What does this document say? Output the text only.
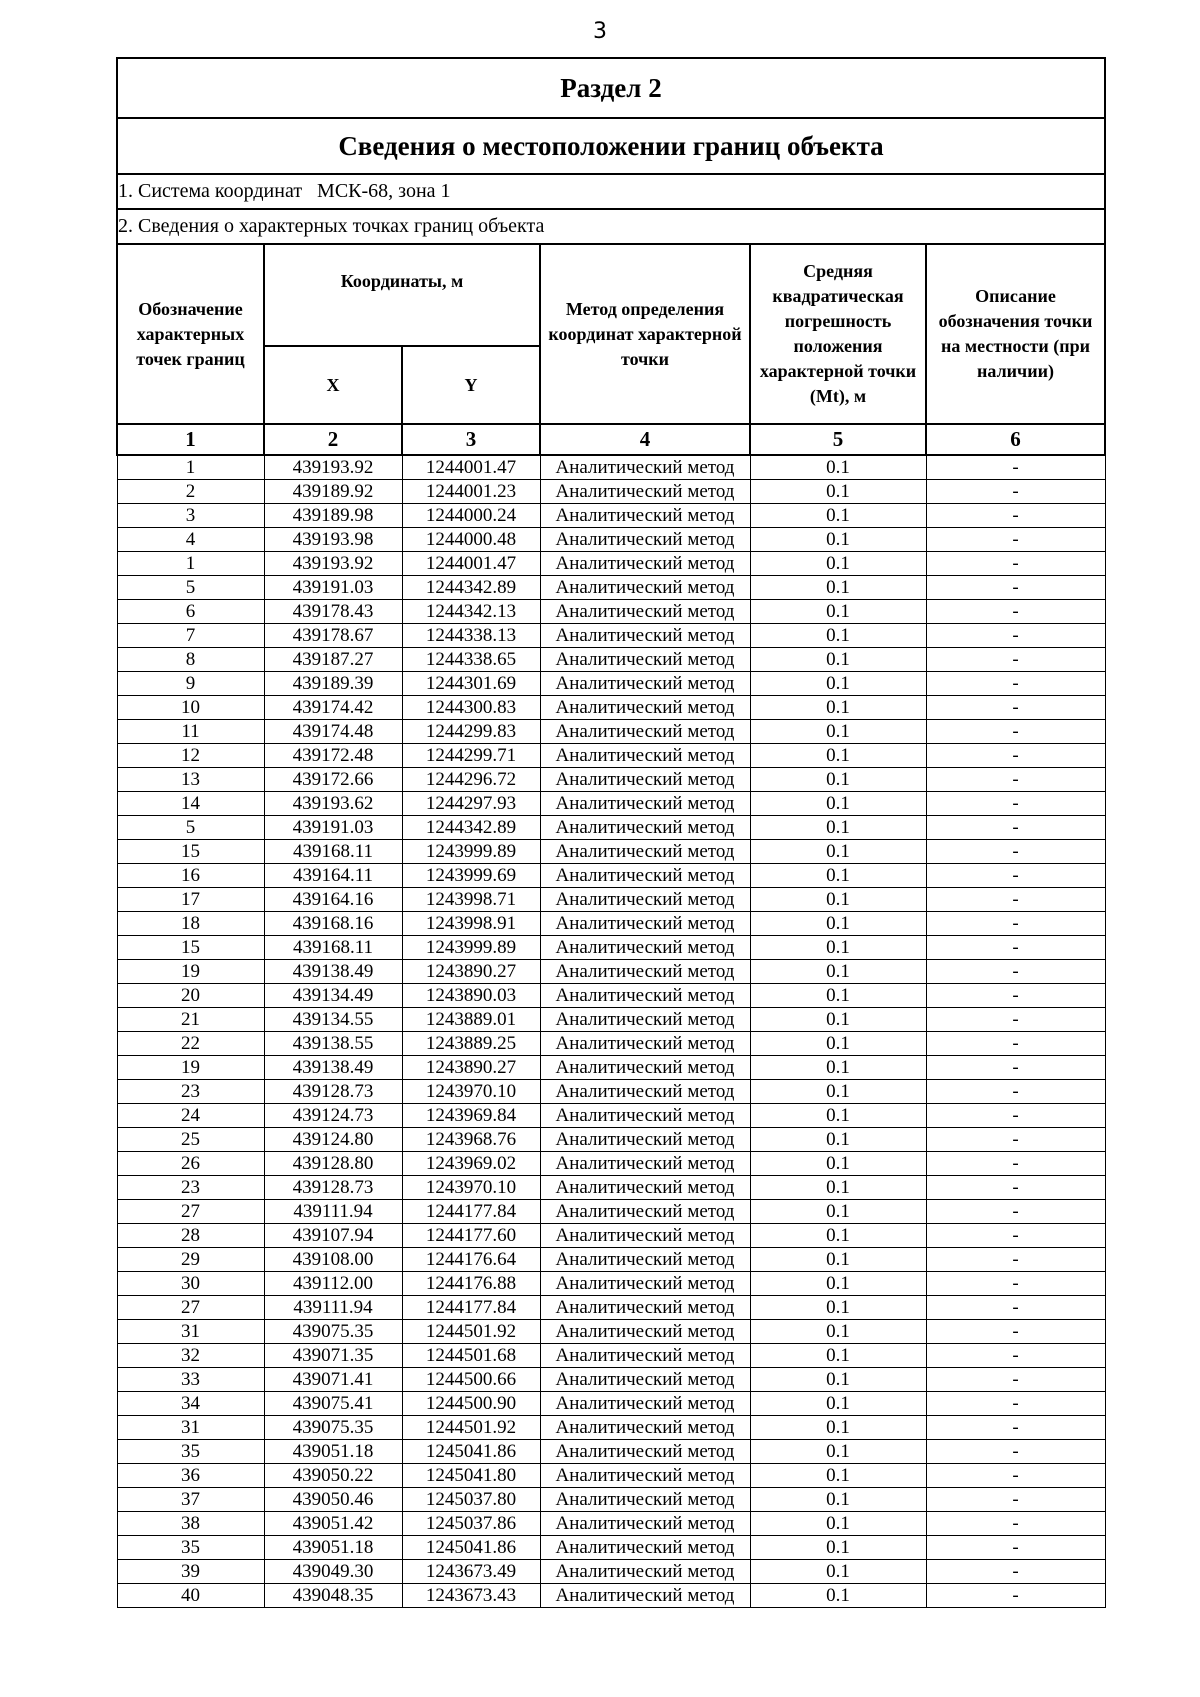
3
Раздел 2					
Сведения о местоположении границ объекта					
1. Система координат   МСК-68, зона 1					
2. Сведения о характерных точках границ объекта					
Обозначение характерных точек границ	Координаты, м		Метод определения координат характерной точки	Средняя квадратическая погрешность положения характерной точки (Mt), м	Описание обозначения точки на местности (при наличии)
	X	Y			
1	2	3	4	5	6
1	439193.92	1244001.47	Аналитический метод	0.1	-
2	439189.92	1244001.23	Аналитический метод	0.1	-
3	439189.98	1244000.24	Аналитический метод	0.1	-
4	439193.98	1244000.48	Аналитический метод	0.1	-
1	439193.92	1244001.47	Аналитический метод	0.1	-
5	439191.03	1244342.89	Аналитический метод	0.1	-
6	439178.43	1244342.13	Аналитический метод	0.1	-
7	439178.67	1244338.13	Аналитический метод	0.1	-
8	439187.27	1244338.65	Аналитический метод	0.1	-
9	439189.39	1244301.69	Аналитический метод	0.1	-
10	439174.42	1244300.83	Аналитический метод	0.1	-
11	439174.48	1244299.83	Аналитический метод	0.1	-
12	439172.48	1244299.71	Аналитический метод	0.1	-
13	439172.66	1244296.72	Аналитический метод	0.1	-
14	439193.62	1244297.93	Аналитический метод	0.1	-
5	439191.03	1244342.89	Аналитический метод	0.1	-
15	439168.11	1243999.89	Аналитический метод	0.1	-
16	439164.11	1243999.69	Аналитический метод	0.1	-
17	439164.16	1243998.71	Аналитический метод	0.1	-
18	439168.16	1243998.91	Аналитический метод	0.1	-
15	439168.11	1243999.89	Аналитический метод	0.1	-
19	439138.49	1243890.27	Аналитический метод	0.1	-
20	439134.49	1243890.03	Аналитический метод	0.1	-
21	439134.55	1243889.01	Аналитический метод	0.1	-
22	439138.55	1243889.25	Аналитический метод	0.1	-
19	439138.49	1243890.27	Аналитический метод	0.1	-
23	439128.73	1243970.10	Аналитический метод	0.1	-
24	439124.73	1243969.84	Аналитический метод	0.1	-
25	439124.80	1243968.76	Аналитический метод	0.1	-
26	439128.80	1243969.02	Аналитический метод	0.1	-
23	439128.73	1243970.10	Аналитический метод	0.1	-
27	439111.94	1244177.84	Аналитический метод	0.1	-
28	439107.94	1244177.60	Аналитический метод	0.1	-
29	439108.00	1244176.64	Аналитический метод	0.1	-
30	439112.00	1244176.88	Аналитический метод	0.1	-
27	439111.94	1244177.84	Аналитический метод	0.1	-
31	439075.35	1244501.92	Аналитический метод	0.1	-
32	439071.35	1244501.68	Аналитический метод	0.1	-
33	439071.41	1244500.66	Аналитический метод	0.1	-
34	439075.41	1244500.90	Аналитический метод	0.1	-
31	439075.35	1244501.92	Аналитический метод	0.1	-
35	439051.18	1245041.86	Аналитический метод	0.1	-
36	439050.22	1245041.80	Аналитический метод	0.1	-
37	439050.46	1245037.80	Аналитический метод	0.1	-
38	439051.42	1245037.86	Аналитический метод	0.1	-
35	439051.18	1245041.86	Аналитический метод	0.1	-
39	439049.30	1243673.49	Аналитический метод	0.1	-
40	439048.35	1243673.43	Аналитический метод	0.1	-
